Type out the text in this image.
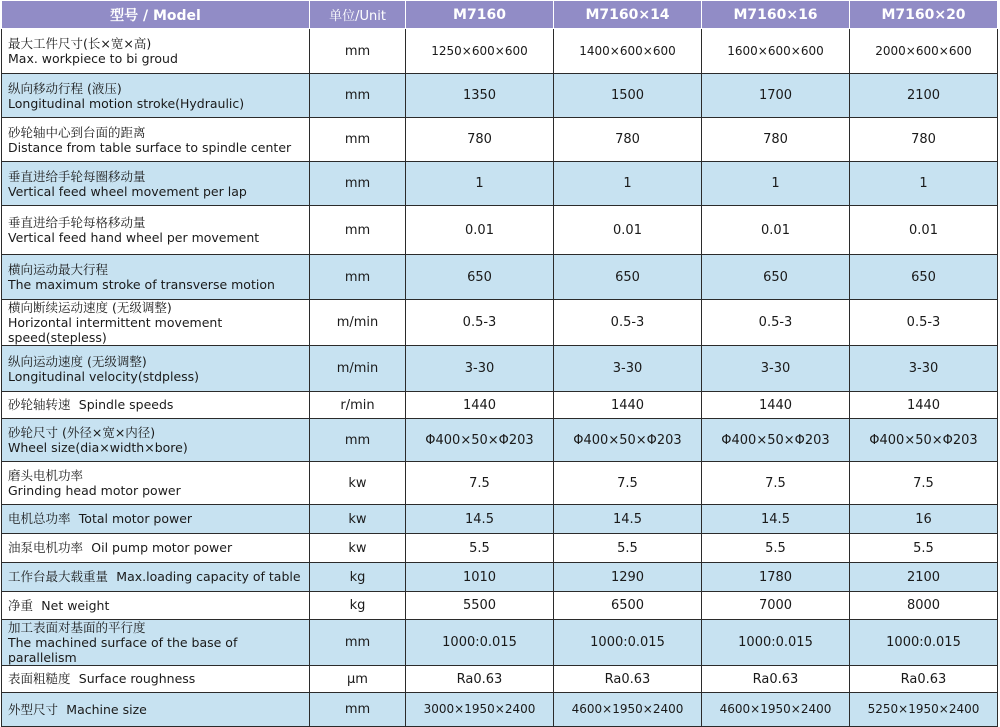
型号 / Model	单位/Unit	M7160	M7160×14	M7160×16	M7160×20

最大工件尺寸(长×宽×高)
Max. workpiece to bi groud	mm	1250×600×600	1400×600×600	1600×600×600	2000×600×600

纵向移动行程 (液压)
Longitudinal motion stroke(Hydraulic)	mm	1350	1500	1700	2100

砂轮轴中心到台面的距离
Distance from table surface to spindle center	mm	780	780	780	780

垂直进给手轮每圈移动量
Vertical feed wheel movement per lap	mm	1	1	1	1

垂直进给手轮每格移动量
Vertical feed hand wheel per movement	mm	0.01	0.01	0.01	0.01

横向运动最大行程
The maximum stroke of transverse motion	mm	650	650	650	650

横向断续运动速度 (无级调整)
Horizontal intermittent movement speed(stepless)	m/min	0.5-3	0.5-3	0.5-3	0.5-3

纵向运动速度 (无级调整)
Longitudinal velocity(stdpless)	m/min	3-30	3-30	3-30	3-30
砂轮轴转速 Spindle speeds	r/min	1440	1440	1440	1440

砂轮尺寸 (外径×宽×内径)
Wheel size(dia×width×bore)	mm	Φ400×50×Φ203	Φ400×50×Φ203	Φ400×50×Φ203	Φ400×50×Φ203

磨头电机功率
Grinding head motor power	kw	7.5	7.5	7.5	7.5
电机总功率 Total motor power	kw	14.5	14.5	14.5	16
油泵电机功率 Oil pump motor power	kw	5.5	5.5	5.5	5.5
工作台最大载重量 Max.loading capacity of table	kg	1010	1290	1780	2100
净重 Net weight	kg	5500	6500	7000	8000

加工表面对基面的平行度
The machined surface of the base of parallelism	mm	1000:0.015	1000:0.015	1000:0.015	1000:0.015
表面粗糙度 Surface roughness	μm	Ra0.63	Ra0.63	Ra0.63	Ra0.63
外型尺寸 Machine size	mm	3000×1950×2400	4600×1950×2400	4600×1950×2400	5250×1950×2400
